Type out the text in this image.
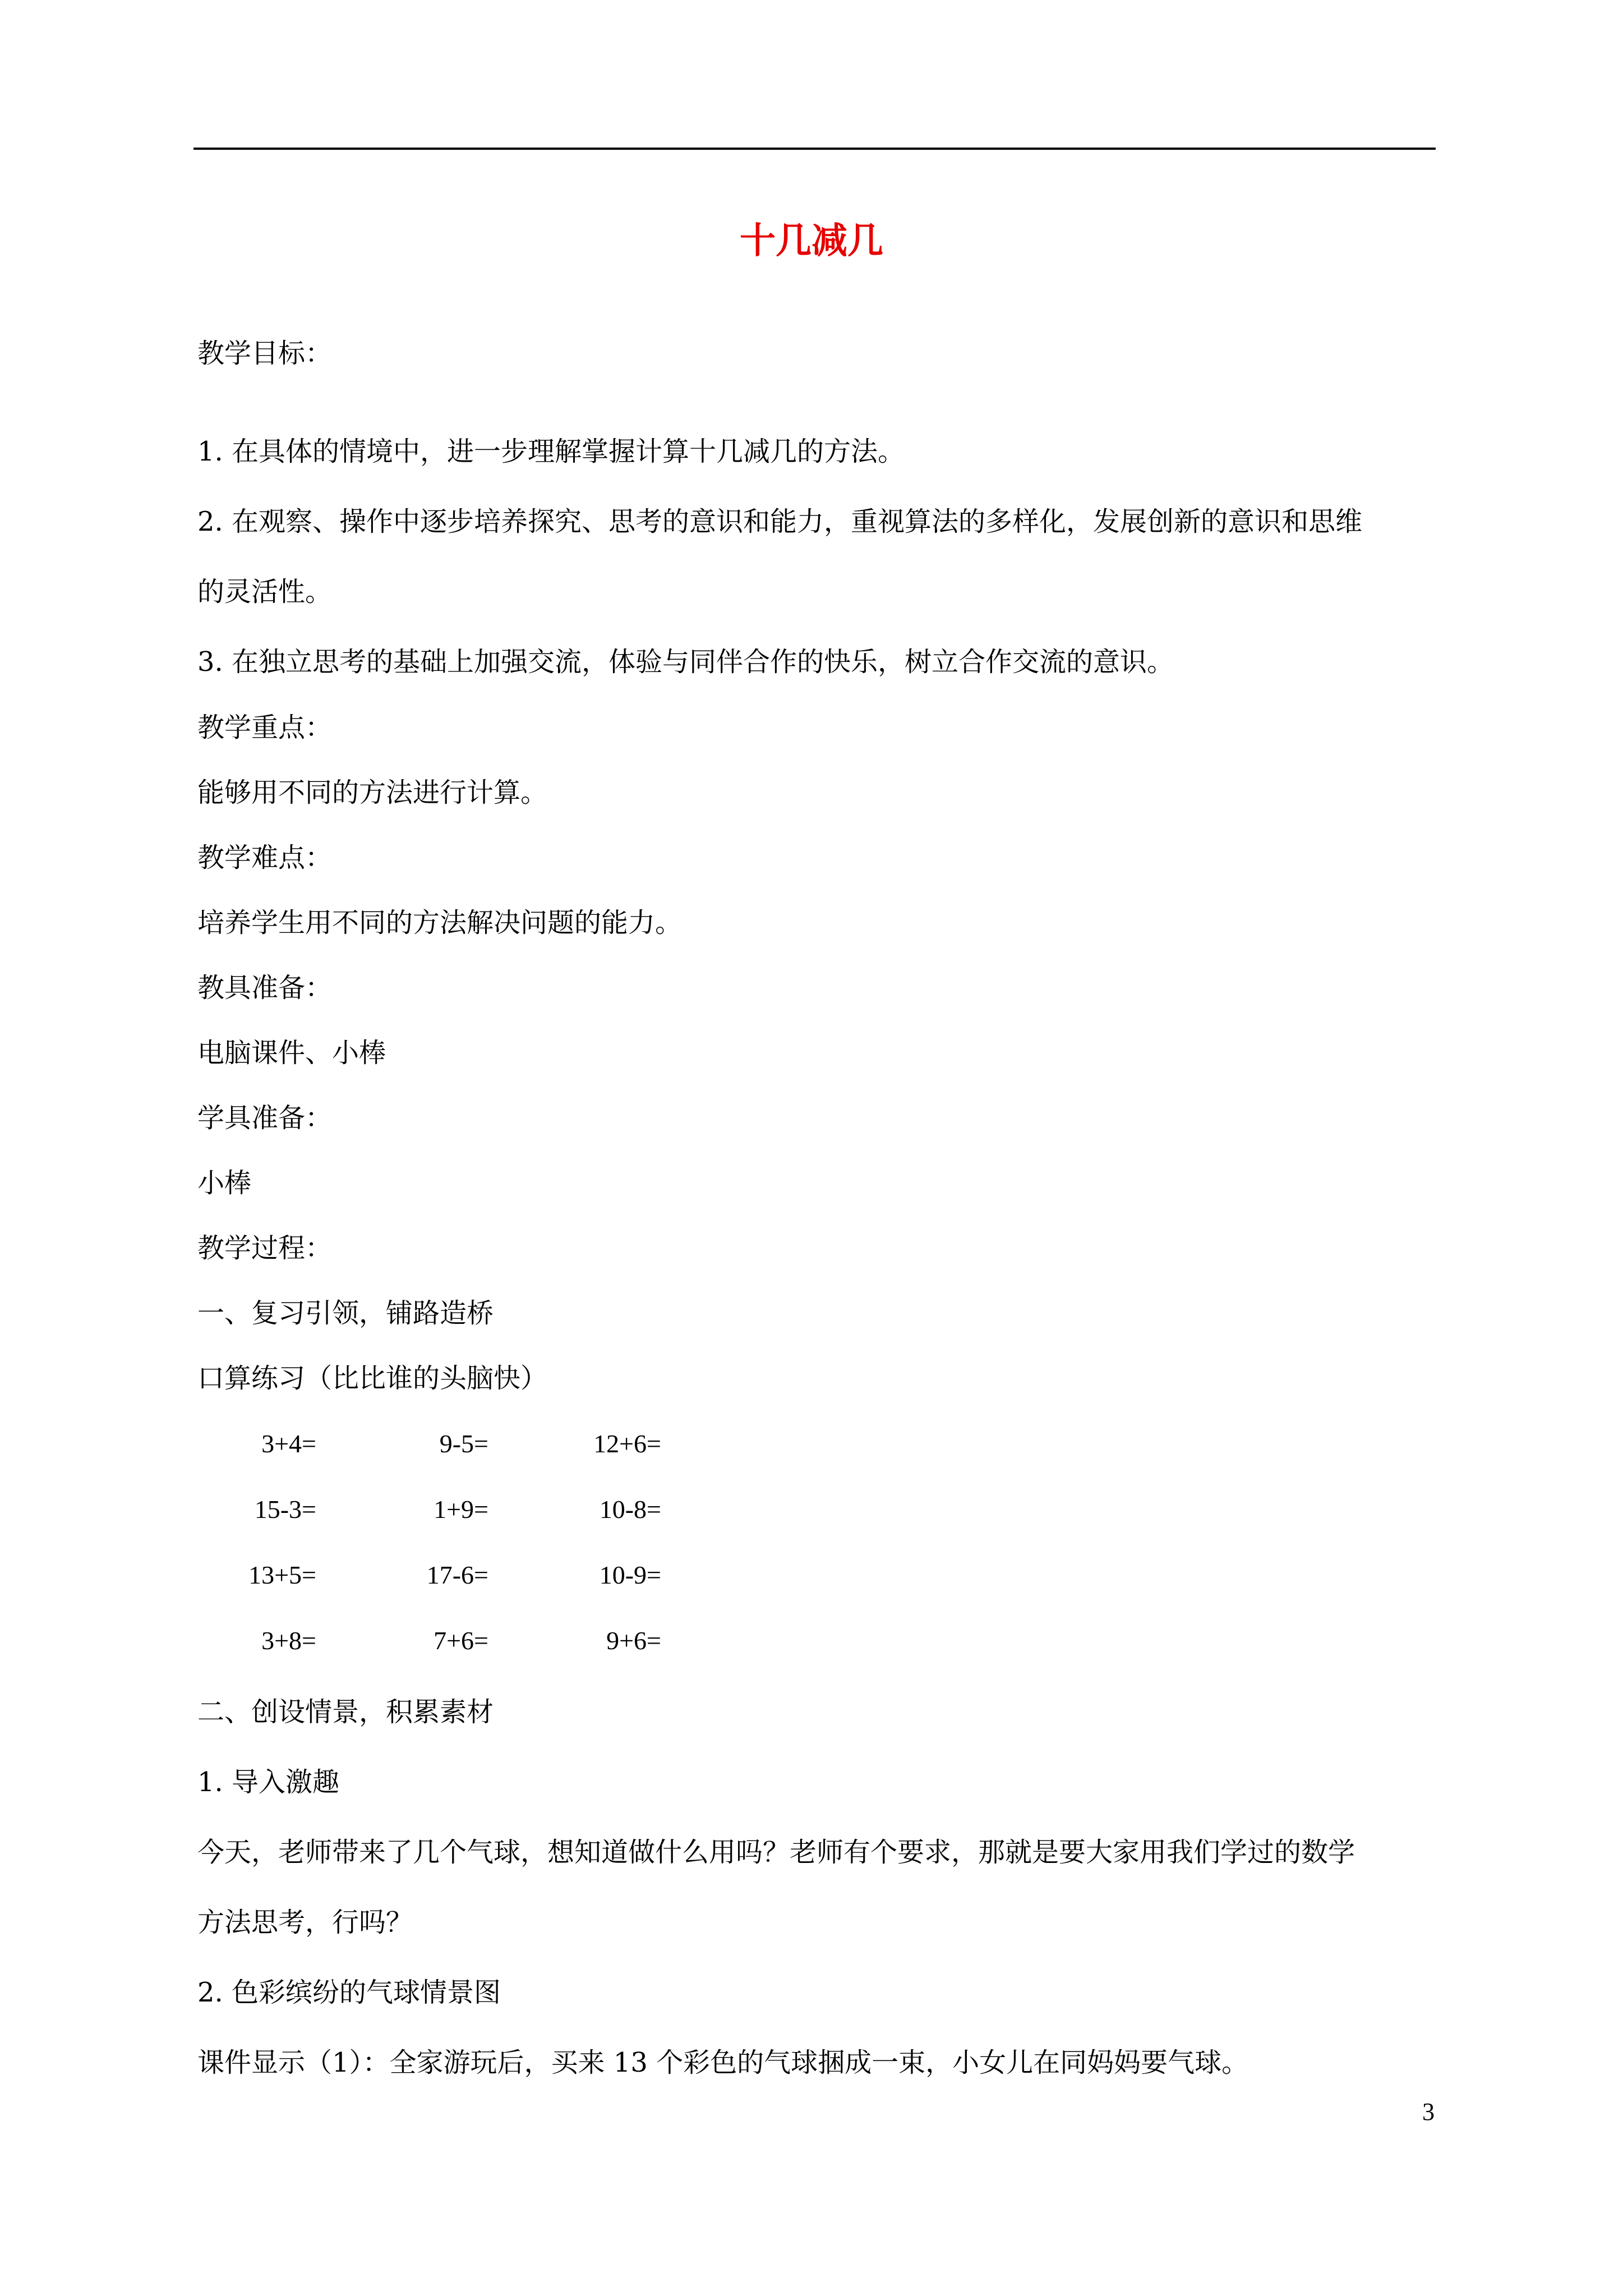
十几减几
教学目标：
1. 在具体的情境中，进一步理解掌握计算十几减几的方法。
2. 在观察、操作中逐步培养探究、思考的意识和能力，重视算法的多样化，发展创新的意识和思维
的灵活性。
3. 在独立思考的基础上加强交流，体验与同伴合作的快乐，树立合作交流的意识。
教学重点：
能够用不同的方法进行计算。
教学难点：
培养学生用不同的方法解决问题的能力。
教具准备：
电脑课件、小棒
学具准备：
小棒
教学过程：
一、复习引领，铺路造桥
口算练习（比比谁的头脑快）
3+4=	9-5=	12+6=
15-3=	1+9=	10-8=
13+5=	17-6=	10-9=
3+8=	7+6=	9+6=
二、创设情景，积累素材
1. 导入激趣
今天，老师带来了几个气球，想知道做什么用吗？老师有个要求，那就是要大家用我们学过的数学
方法思考，行吗？
2. 色彩缤纷的气球情景图
课件显示（1）：全家游玩后，买来 13 个彩色的气球捆成一束，小女儿在同妈妈要气球。
3
